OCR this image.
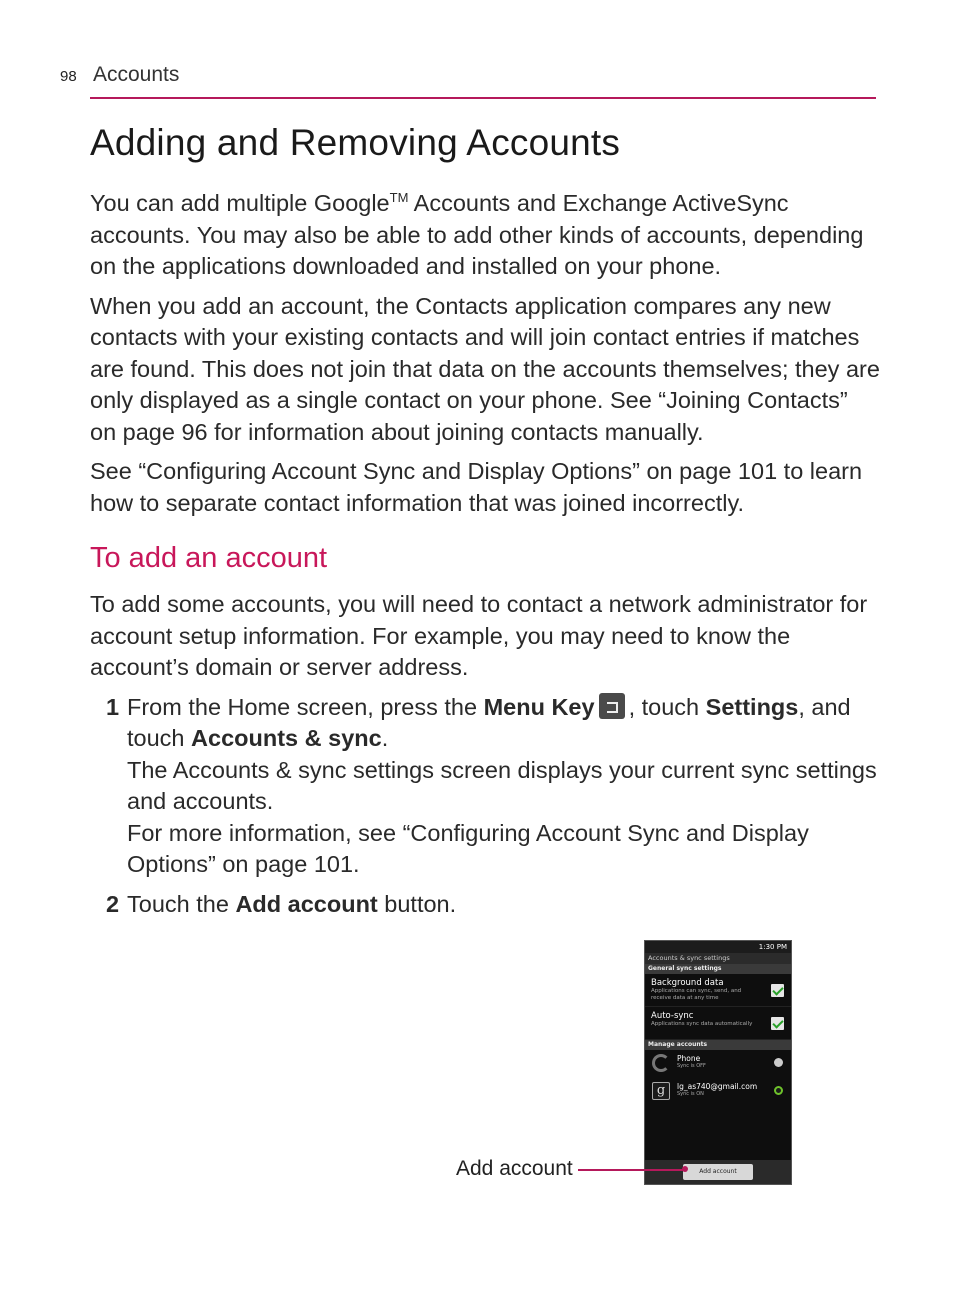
98 Accounts
Adding and Removing Accounts

You can add multiple Google™ Accounts and Exchange ActiveSync accounts. You may also be able to add other kinds of accounts, depending on the applications downloaded and installed on your phone.

When you add an account, the Contacts application compares any new contacts with your existing contacts and will join contact entries if matches are found. This does not join that data on the accounts themselves; they are only displayed as a single contact on your phone. See “Joining Contacts” on page 96 for information about joining contacts manually.

See “Configuring Account Sync and Display Options” on page 101 to learn how to separate contact information that was joined incorrectly.

To add an account

To add some accounts, you will need to contact a network administrator for account setup information. For example, you may need to know the account’s domain or server address.

1 From the Home screen, press the Menu Key , touch Settings, and touch Accounts & sync.
The Accounts & sync settings screen displays your current sync settings and accounts.
For more information, see “Configuring Account Sync and Display Options” on page 101.
2 Touch the Add account button.
1:30 PM
Accounts & sync settings
General sync settings
Background data
Applications can sync, send, and receive data at any time
Auto-sync
Applications sync data automatically
Manage accounts
Phone
Sync is OFF
g	lg_as740@gmail.com
Sync is ON
Add account
Add account
